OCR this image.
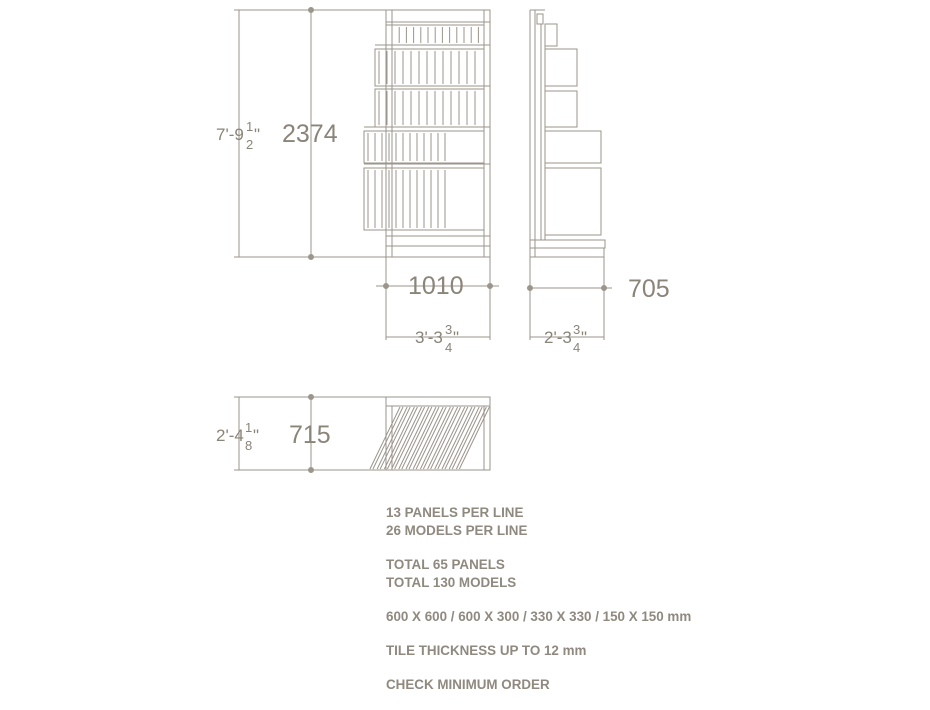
2374
7'-9 1
2
"
1010
3'-3 3
4
"
705
2'-3 3
4
"
715
2'-4 1
8
"
13 PANELS PER LINE
26 MODELS PER LINE
TOTAL 65 PANELS
TOTAL 130 MODELS
600 X 600 / 600 X 300 / 330 X 330 / 150 X 150 mm
TILE THICKNESS UP TO 12 mm
CHECK MINIMUM ORDER
